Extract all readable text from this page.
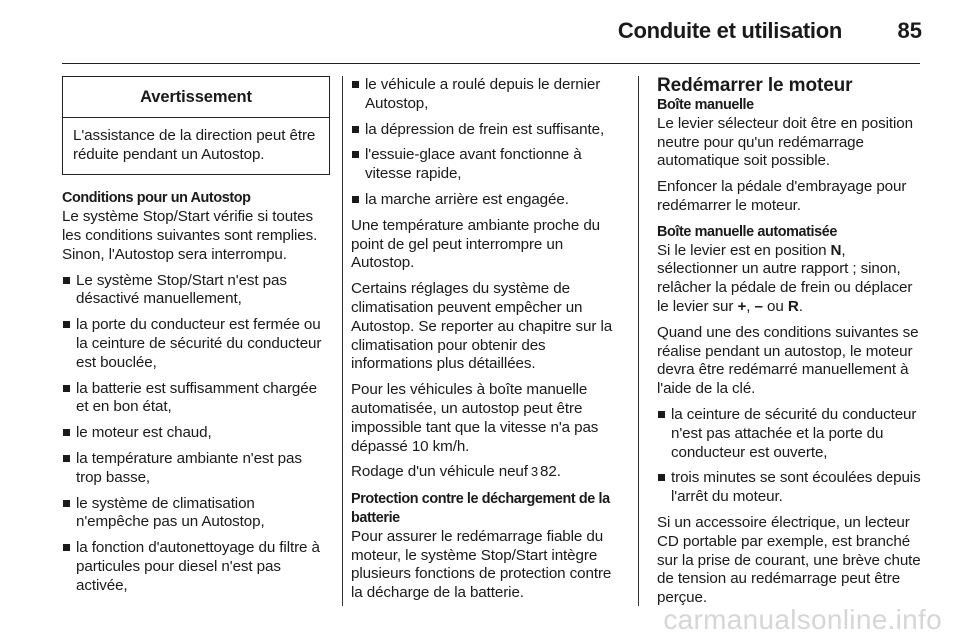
Conduite et utilisation	85
Avertissement
L'assistance de la direction peut être réduite pendant un Autostop.
Conditions pour un Autostop

Le système Stop/Start vérifie si toutes les conditions suivantes sont remplies. Sinon, l'Autostop sera interrompu.

Le système Stop/Start n'est pas désactivé manuellement,
la porte du conducteur est fermée ou la ceinture de sécurité du conducteur est bouclée,
la batterie est suffisamment chargée et en bon état,
le moteur est chaud,
la température ambiante n'est pas trop basse,
le système de climatisation n'empêche pas un Autostop,
la fonction d'autonettoyage du filtre à particules pour diesel n'est pas activée,
le véhicule a roulé depuis le dernier Autostop,
la dépression de frein est suffisante,
l'essuie-glace avant fonctionne à vitesse rapide,
la marche arrière est engagée.

Une température ambiante proche du point de gel peut interrompre un Autostop.

Certains réglages du système de climatisation peuvent empêcher un Autostop. Se reporter au chapitre sur la climatisation pour obtenir des informations plus détaillées.

Pour les véhicules à boîte manuelle automatisée, un autostop peut être impossible tant que la vitesse n'a pas dépassé 10 km/h.

Rodage d'un véhicule neuf 3 82.

Protection contre le déchargement de la batterie

Pour assurer le redémarrage fiable du moteur, le système Stop/Start intègre plusieurs fonctions de protection contre la décharge de la batterie.

Redémarrer le moteur
Boîte manuelle

Le levier sélecteur doit être en position neutre pour qu'un redémarrage automatique soit possible.

Enfoncer la pédale d'embrayage pour redémarrer le moteur.

Boîte manuelle automatisée

Si le levier est en position N, sélectionner un autre rapport ; sinon, relâcher la pédale de frein ou déplacer le levier sur +, – ou R.

Quand une des conditions suivantes se réalise pendant un autostop, le moteur devra être redémarré manuellement à l'aide de la clé.

la ceinture de sécurité du conducteur n'est pas attachée et la porte du conducteur est ouverte,
trois minutes se sont écoulées depuis l'arrêt du moteur.

Si un accessoire électrique, un lecteur CD portable par exemple, est branché sur la prise de courant, une brève chute de tension au redémarrage peut être perçue.

carmanualsonline.info
